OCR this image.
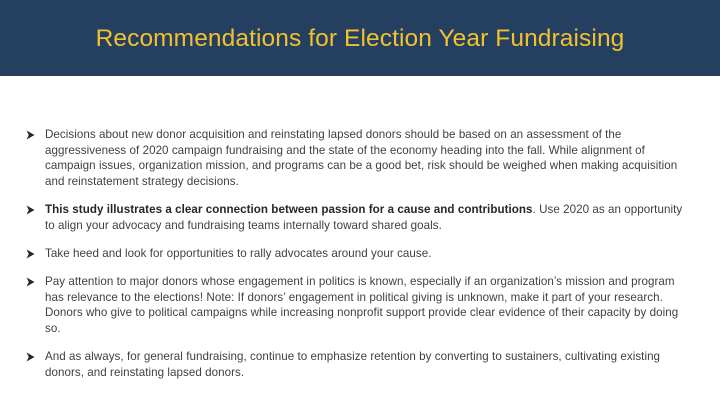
Recommendations for Election Year Fundraising
Decisions about new donor acquisition and reinstating lapsed donors should be based on an assessment of the aggressiveness of 2020 campaign fundraising and the state of the economy heading into the fall. While alignment of campaign issues, organization mission, and programs can be a good bet, risk should be weighed when making acquisition and reinstatement strategy decisions.
This study illustrates a clear connection between passion for a cause and contributions. Use 2020 as an opportunity to align your advocacy and fundraising teams internally toward shared goals.
Take heed and look for opportunities to rally advocates around your cause.
Pay attention to major donors whose engagement in politics is known, especially if an organization’s mission and program has relevance to the elections! Note: If donors’ engagement in political giving is unknown, make it part of your research. Donors who give to political campaigns while increasing nonprofit support provide clear evidence of their capacity by doing so.
And as always, for general fundraising, continue to emphasize retention by converting to sustainers, cultivating existing donors, and reinstating lapsed donors.
